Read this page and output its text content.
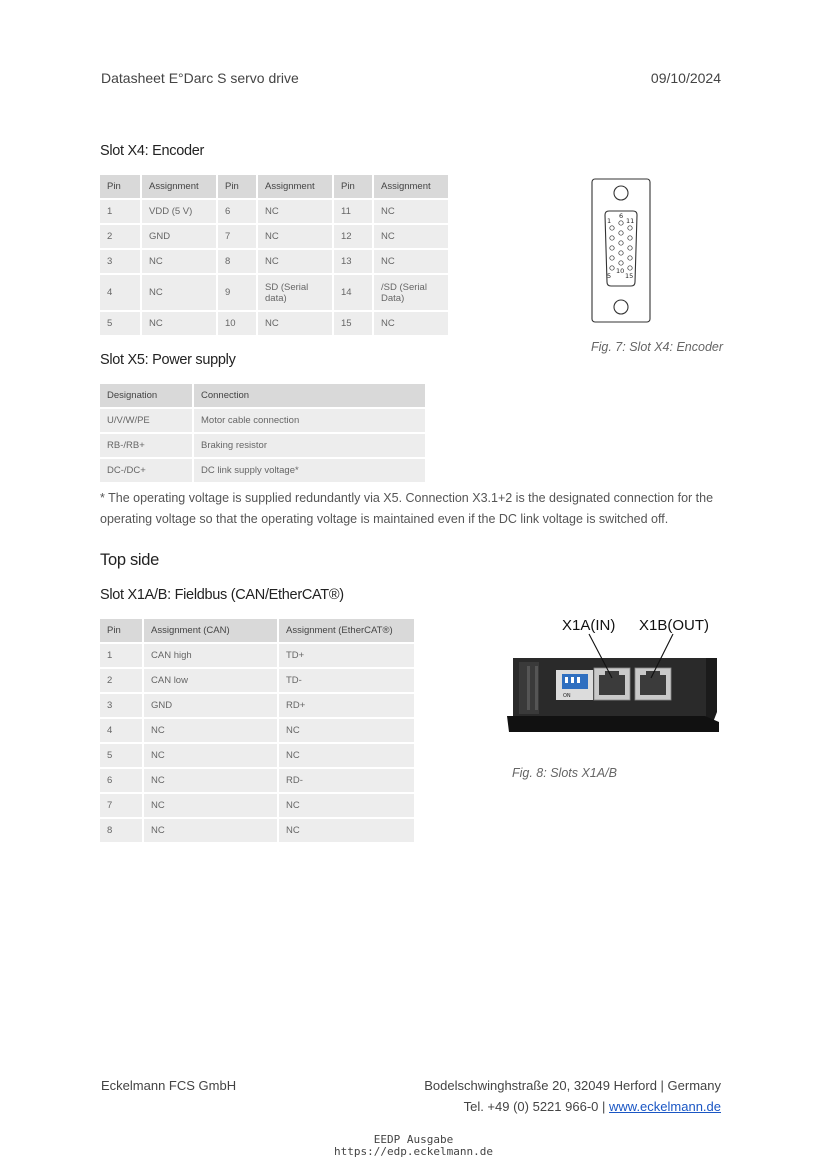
Datasheet E°Darc S servo drive	09/10/2024
Slot X4: Encoder
Pin	Assignment	Pin	Assignment	Pin	Assignment
1	VDD (5 V)	6	NC	11	NC
2	GND	7	NC	12	NC
3	NC	8	NC	13	NC
4	NC	9	SD (Serial data)	14	/SD (Serial Data)
5	NC	10	NC	15	NC
1
6
11
5
10
15
Fig. 7: Slot X4: Encoder
Slot X5: Power supply
Designation	Connection
U/V/W/PE	Motor cable connection
RB-/RB+	Braking resistor
DC-/DC+	DC link supply voltage*
* The operating voltage is supplied redundantly via X5. Connection X3.1+2 is the designated connection for the operating voltage so that the operating voltage is maintained even if the DC link voltage is switched off.
Top side
Slot X1A/B: Fieldbus (CAN/EtherCAT®)
Pin	Assignment (CAN)	Assignment (EtherCAT®)
1	CAN high	TD+
2	CAN low	TD-
3	GND	RD+
4	NC	NC
5	NC	NC
6	NC	RD-
7	NC	NC
8	NC	NC
X1A(IN) X1B(OUT)
ON
Fig. 8: Slots X1A/B
Eckelmann FCS GmbH	Bodelschwinghstraße 20, 32049 Herford | Germany
Tel. +49 (0) 5221 966-0 | www.eckelmann.de
EEDP Ausgabe
https://edp.eckelmann.de
